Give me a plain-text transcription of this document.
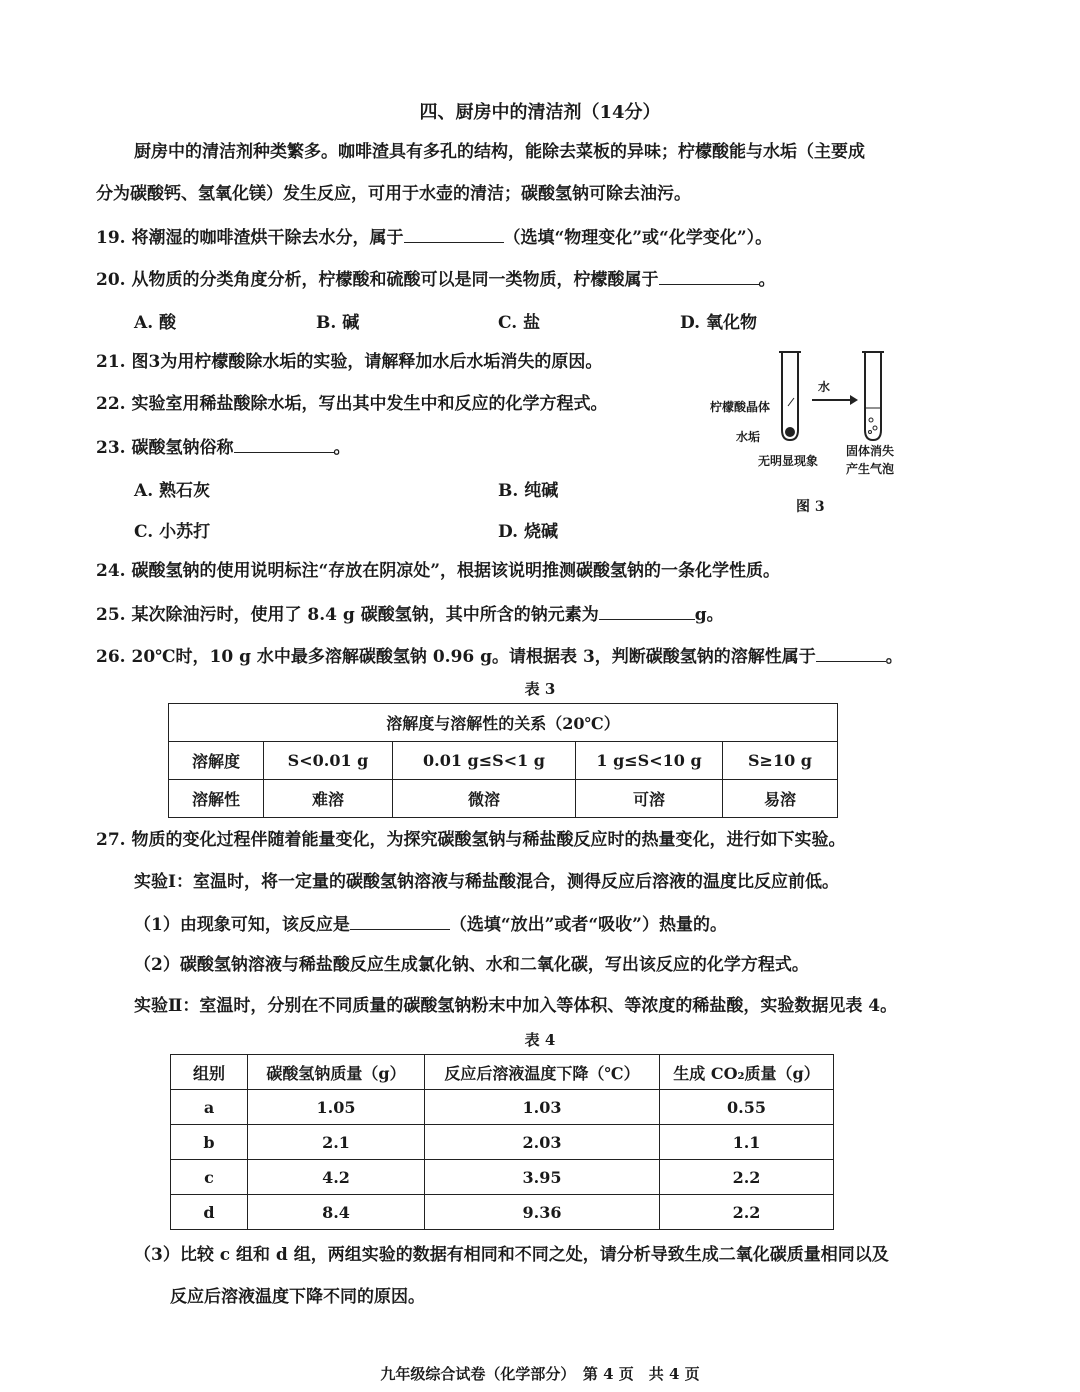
四、厨房中的清洁剂（14分）
厨房中的清洁剂种类繁多。咖啡渣具有多孔的结构，能除去菜板的异味；柠檬酸能与水垢（主要成
分为碳酸钙、氢氧化镁）发生反应，可用于水壶的清洁；碳酸氢钠可除去油污。
19. 将潮湿的咖啡渣烘干除去水分，属于	（选填“物理变化”或“化学变化”）。
20. 从物质的分类角度分析，柠檬酸和硫酸可以是同一类物质，柠檬酸属于	。
A. 酸	B. 碱	C. 盐	D. 氧化物
21. 图3为用柠檬酸除水垢的实验，请解释加水后水垢消失的原因。
22. 实验室用稀盐酸除水垢，写出其中发生中和反应的化学方程式。
23. 碳酸氢钠俗称	。
A. 熟石灰	B. 纯碱
C. 小苏打	D. 烧碱
水
柠檬酸晶体
水垢
无明显现象
固体消失
产生气泡
图 3
24. 碳酸氢钠的使用说明标注“存放在阴凉处”，根据该说明推测碳酸氢钠的一条化学性质。
25. 某次除油污时，使用了 8.4 g 碳酸氢钠，其中所含的钠元素为	g。
26. 20℃时，10 g 水中最多溶解碳酸氢钠 0.96 g。请根据表 3，判断碳酸氢钠的溶解性属于	。
表 3
溶解度与溶解性的关系（20℃）				
溶解度	S<0.01 g	0.01 g≤S<1 g	1 g≤S<10 g	S≥10 g
溶解性	难溶	微溶	可溶	易溶
27. 物质的变化过程伴随着能量变化，为探究碳酸氢钠与稀盐酸反应时的热量变化，进行如下实验。
实验Ⅰ：室温时，将一定量的碳酸氢钠溶液与稀盐酸混合，测得反应后溶液的温度比反应前低。
（1）由现象可知，该反应是	（选填“放出”或者“吸收”）热量的。
（2）碳酸氢钠溶液与稀盐酸反应生成氯化钠、水和二氧化碳，写出该反应的化学方程式。
实验Ⅱ：室温时，分别在不同质量的碳酸氢钠粉末中加入等体积、等浓度的稀盐酸，实验数据见表 4。
表 4
组别	碳酸氢钠质量（g）	反应后溶液温度下降（℃）	生成 CO₂质量（g）
a	1.05	1.03	0.55
b	2.1	2.03	1.1
c	4.2	3.95	2.2
d	8.4	9.36	2.2
（3）比较 c 组和 d 组，两组实验的数据有相同和不同之处，请分析导致生成二氧化碳质量相同以及
反应后溶液温度下降不同的原因。
九年级综合试卷（化学部分）　第 4 页　共 4 页
